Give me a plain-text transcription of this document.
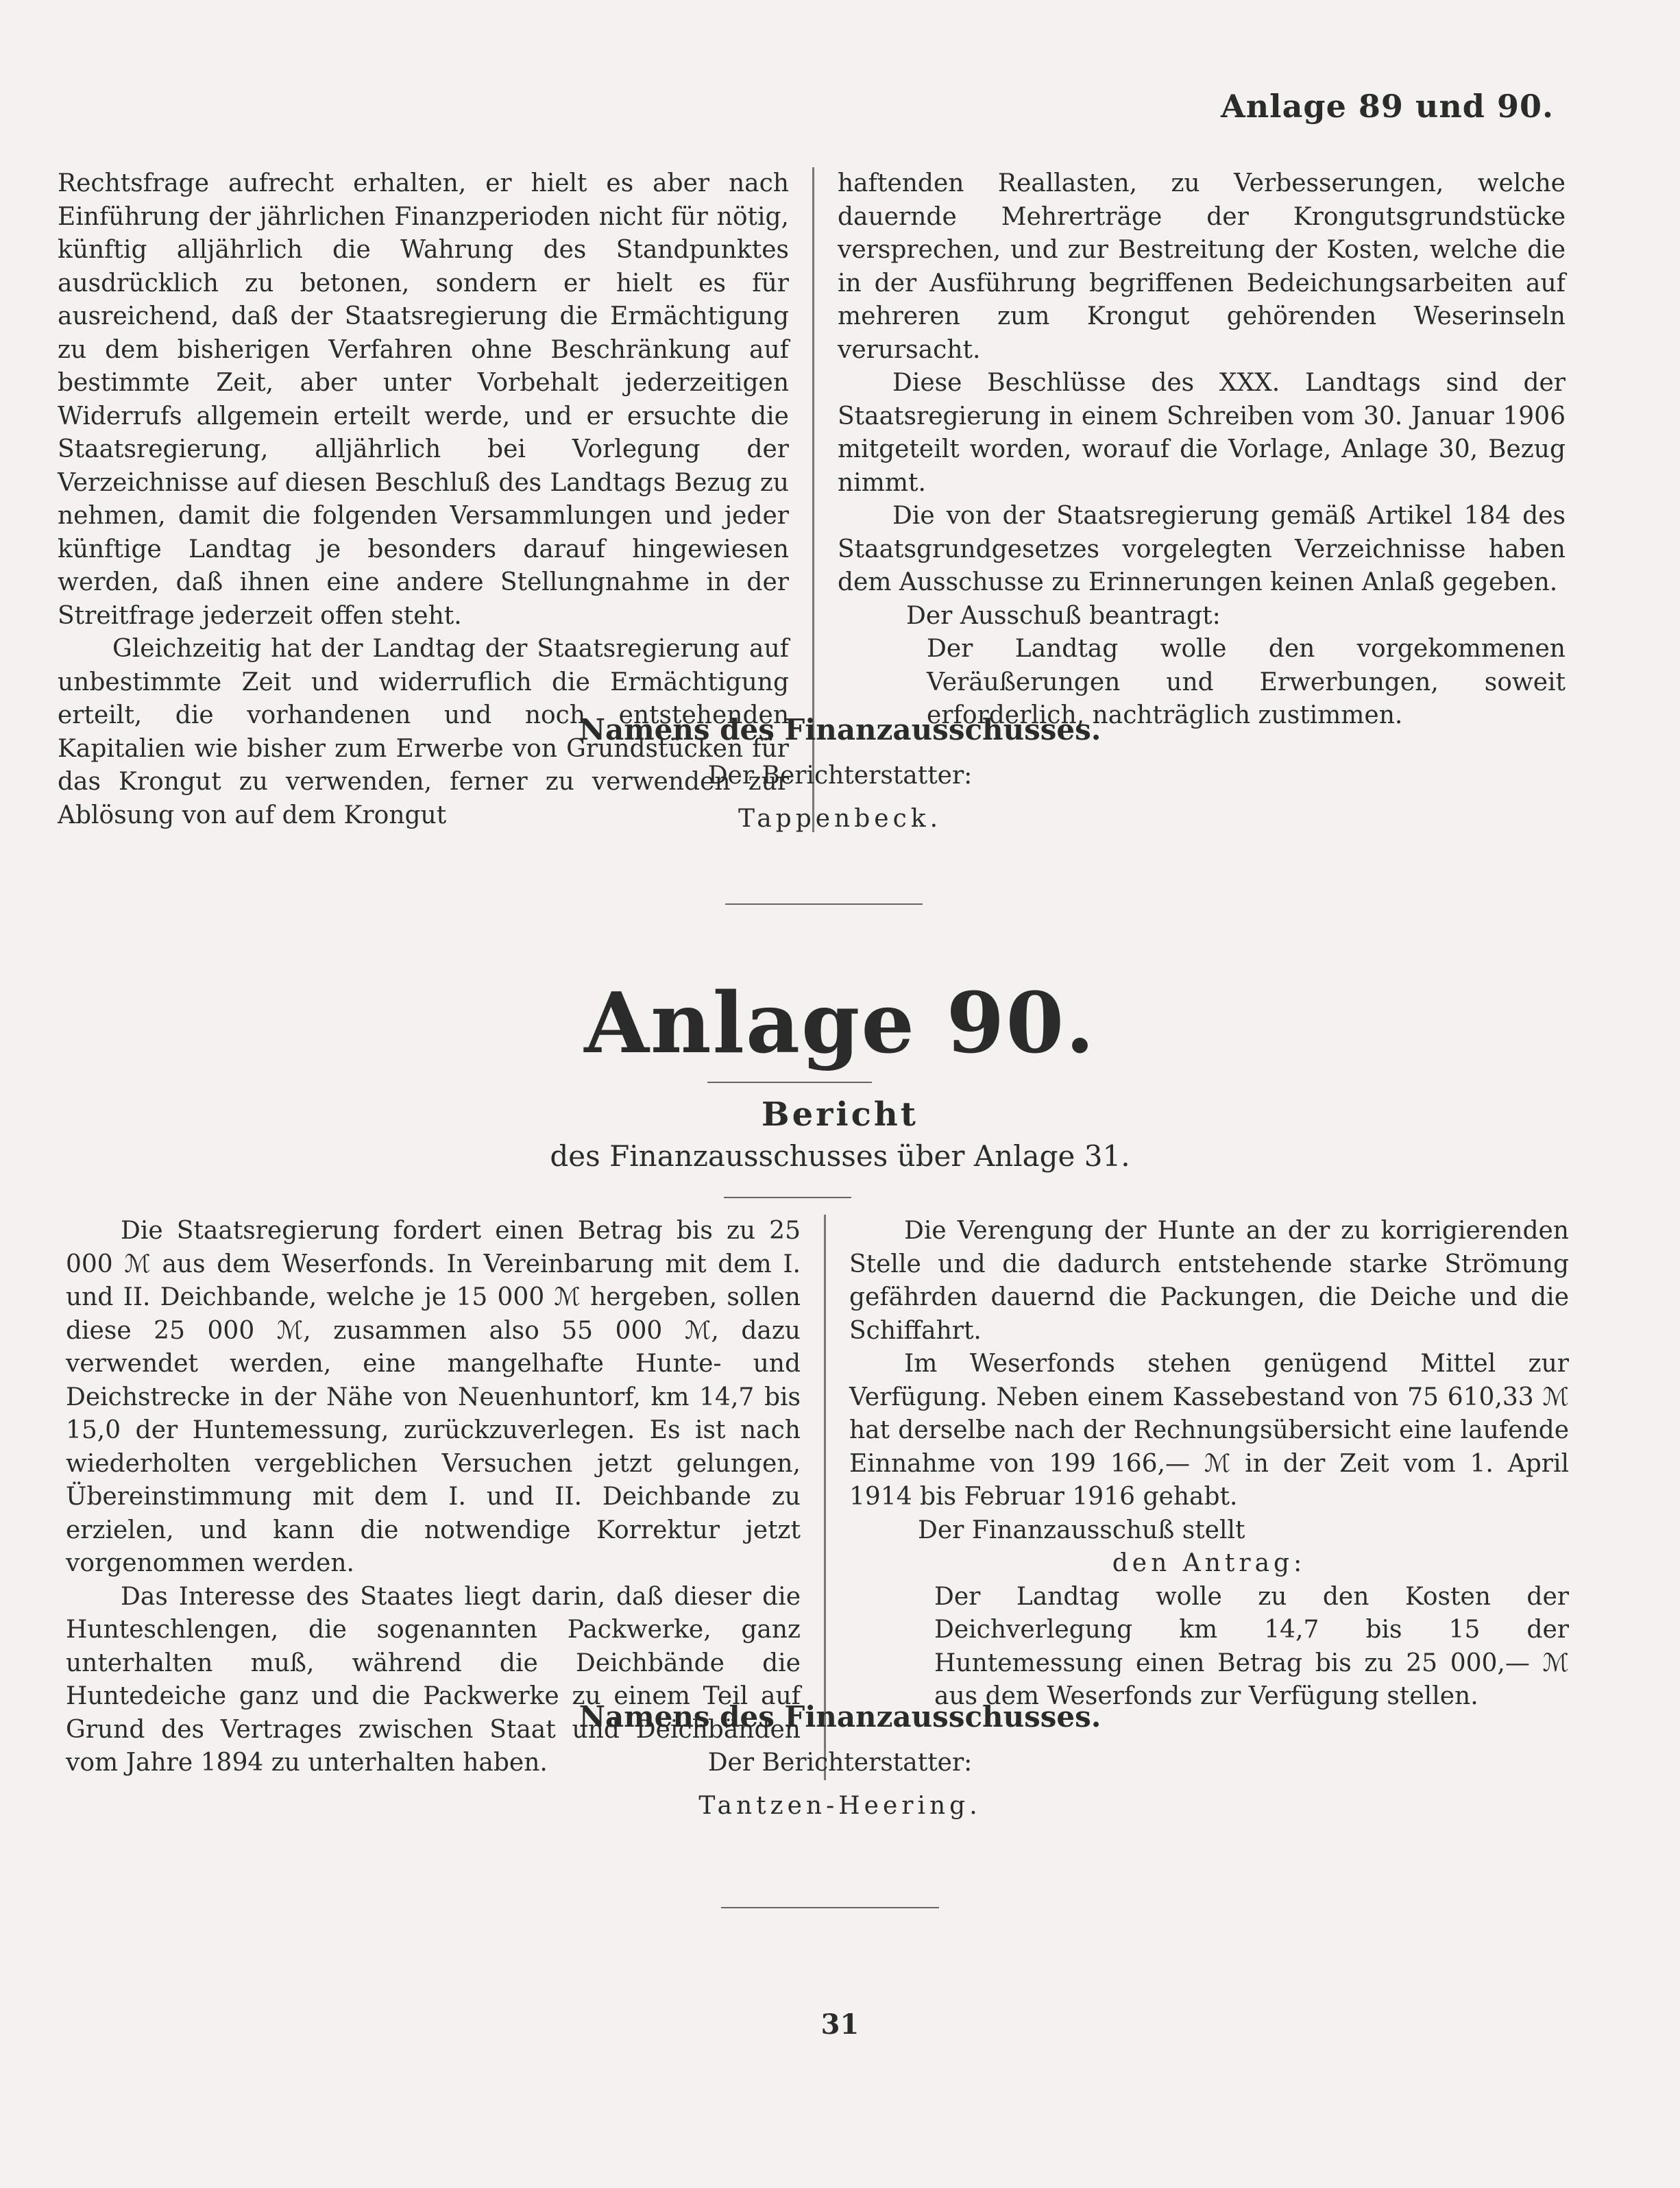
Anlage 89 und 90.

Rechtsfrage aufrecht erhalten, er hielt es aber nach Einführung der jährlichen Finanzperioden nicht für nötig, künftig alljährlich die Wahrung des Standpunktes ausdrücklich zu betonen, sondern er hielt es für ausreichend, daß der Staatsregierung die Ermächtigung zu dem bisherigen Verfahren ohne Beschränkung auf bestimmte Zeit, aber unter Vorbehalt jederzeitigen Widerrufs allgemein erteilt werde, und er ersuchte die Staatsregierung, alljährlich bei Vorlegung der Verzeichnisse auf diesen Beschluß des Landtags Bezug zu nehmen, damit die folgenden Versammlungen und jeder künftige Landtag je besonders darauf hingewiesen werden, daß ihnen eine andere Stellungnahme in der Streitfrage jederzeit offen steht.

Gleichzeitig hat der Landtag der Staatsregierung auf unbestimmte Zeit und widerruflich die Ermächtigung erteilt, die vorhandenen und noch entstehenden Kapitalien wie bisher zum Erwerbe von Grundstücken für das Krongut zu verwenden, ferner zu verwenden zur Ablösung von auf dem Krongut

haftenden Reallasten, zu Verbesserungen, welche dauernde Mehrerträge der Krongutsgrundstücke versprechen, und zur Bestreitung der Kosten, welche die in der Ausführung begriffenen Bedeichungsarbeiten auf mehreren zum Krongut gehörenden Weserinseln verursacht.

Diese Beschlüsse des XXX. Landtags sind der Staatsregierung in einem Schreiben vom 30. Januar 1906 mitgeteilt worden, worauf die Vorlage, Anlage 30, Bezug nimmt.

Die von der Staatsregierung gemäß Artikel 184 des Staatsgrundgesetzes vorgelegten Verzeichnisse haben dem Ausschusse zu Erinnerungen keinen Anlaß gegeben.

Der Ausschuß beantragt:

Der Landtag wolle den vorgekommenen Veräußerungen und Erwerbungen, soweit erforderlich, nachträglich zustimmen.

Namens des Finanzausschusses.
Der Berichterstatter:
Tappenbeck.
Anlage 90.
Bericht
des Finanzausschusses über Anlage 31.

Die Staatsregierung fordert einen Betrag bis zu 25 000 ℳ aus dem Weserfonds. In Vereinbarung mit dem I. und II. Deichbande, welche je 15 000 ℳ hergeben, sollen diese 25 000 ℳ, zusammen also 55 000 ℳ, dazu verwendet werden, eine mangelhafte Hunte- und Deichstrecke in der Nähe von Neuenhuntorf, km 14,7 bis 15,0 der Huntemessung, zurückzuverlegen. Es ist nach wiederholten vergeblichen Versuchen jetzt gelungen, Übereinstimmung mit dem I. und II. Deichbande zu erzielen, und kann die notwendige Korrektur jetzt vorgenommen werden.

Das Interesse des Staates liegt darin, daß dieser die Hunteschlengen, die sogenannten Packwerke, ganz unterhalten muß, während die Deichbände die Huntedeiche ganz und die Packwerke zu einem Teil auf Grund des Vertrages zwischen Staat und Deichbänden vom Jahre 1894 zu unterhalten haben.

Die Verengung der Hunte an der zu korrigierenden Stelle und die dadurch entstehende starke Strömung gefährden dauernd die Packungen, die Deiche und die Schiffahrt.

Im Weserfonds stehen genügend Mittel zur Verfügung. Neben einem Kassebestand von 75 610,33 ℳ hat derselbe nach der Rechnungsübersicht eine laufende Einnahme von 199 166,— ℳ in der Zeit vom 1. April 1914 bis Februar 1916 gehabt.

Der Finanzausschuß stellt

den Antrag:

Der Landtag wolle zu den Kosten der Deichverlegung km 14,7 bis 15 der Huntemessung einen Betrag bis zu 25 000,— ℳ aus dem Weserfonds zur Verfügung stellen.

Namens des Finanzausschusses.
Der Berichterstatter:
Tantzen-Heering.
31
